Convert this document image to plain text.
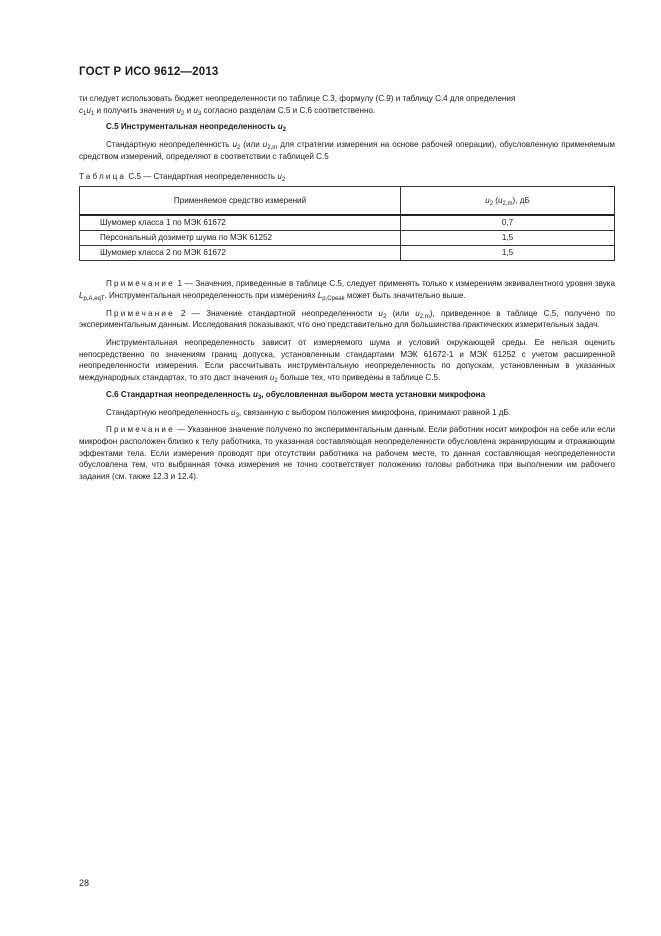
ГОСТ Р ИСО 9612—2013

ти следует использовать бюджет неопределенности по таблице С.3, формулу (С.9) и таблицу С.4 для определения
$c_1u_1$ и получить значения $u_2$ и $u_3$ согласно разделам С.5 и С.6 соответственно.

С.5 Инструментальная неопределенность $u_2$

Стандартную неопределенность $u_2$ (или $u_{2,m}$ для стратегии измерения на основе рабочей операции), обусловленную применяемым средством измерений, определяют в соответствии с таблицей С.5

Таблица С.5 — Стандартная неопределенность $u_2$

Применяемое средство измерений	$u_2$ $(u_{2,m})$, дБ
Шумомер класса 1 по МЭК 61672	0,7
Персональный дозиметр шума по МЭК 61252	1,5
Шумомер класса 2 по МЭК 61672	1,5

Примечание 1 — Значения, приведенные в таблице С.5, следует применять только к измерениям эквивалентного уровня звука $L_{p,A,eqT}$. Инструментальная неопределенность при измерениях $L_{p,Cpeak}$ может быть значительно выше.

Примечание 2 — Значение стандартной неопределенности $u_2$ (или $u_{2,m}$), приведенное в таблице С.5, получено по экспериментальным данным. Исследования показывают, что оно представительно для большинства практических измерительных задач.

Инструментальная неопределенность зависит от измеряемого шума и условий окружающей среды. Ее нельзя оценить непосредственно по значениям границ допуска, установленным стандартами МЭК 61672-1 и МЭК 61252 с учетом расширенной неопределенности измерения. Если рассчитывать инструментальную неопределенность по допускам, установленным в указанных международных стандартах, то это даст значения $u_2$ больше тех, что приведены в таблице С.5.

С.6 Стандартная неопределенность $u_3$, обусловленная выбором места установки микрофона

Стандартную неопределенность $u_3$, связанную с выбором положения микрофона, принимают равной 1 дБ.

Примечание — Указанное значение получено по экспериментальным данным. Если работник носит микрофон на себе или если микрофон расположен близко к телу работника, то указанная составляющая неопределенности обусловлена экранирующим и отражающим эффектами тела. Если измерения проводят при отсутствии работника на рабочем месте, то данная составляющая неопределенности обусловлена тем, что выбранная точка измерения не точно соответствует положению головы работника при выполнении им рабочего задания (см. также 12.3 и 12.4).

28
